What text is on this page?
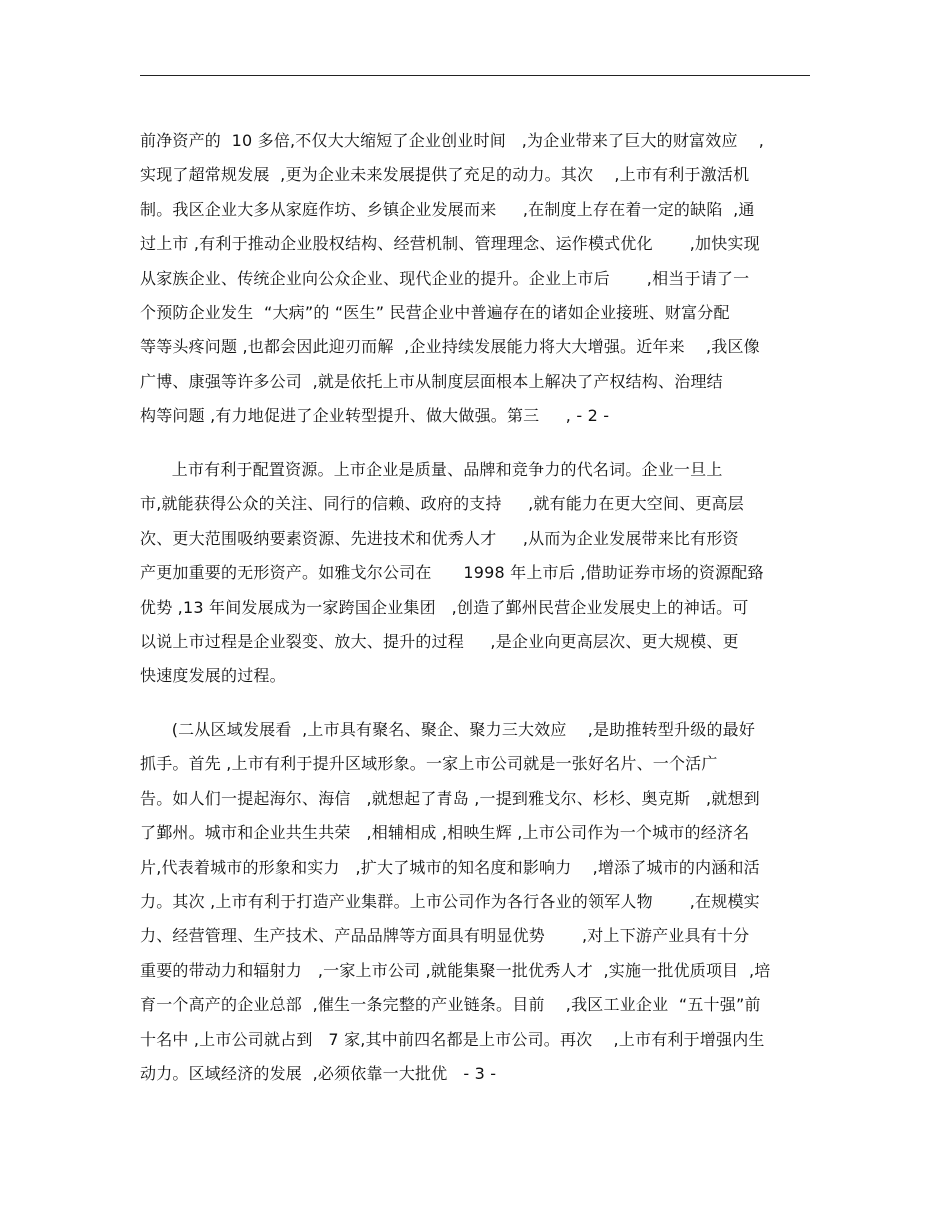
前净资产的  10 多倍,不仅大大缩短了企业创业时间   ,为企业带来了巨大的财富效应    ,
实现了超常规发展  ,更为企业未来发展提供了充足的动力。其次    ,上市有利于激活机
制。我区企业大多从家庭作坊、乡镇企业发展而来     ,在制度上存在着一定的缺陷  ,通
过上市 ,有利于推动企业股权结构、经营机制、管理理念、运作模式优化       ,加快实现
从家族企业、传统企业向公众企业、现代企业的提升。企业上市后       ,相当于请了一
个预防企业发生  “大病”的 “医生” 民营企业中普遍存在的诸如企业接班、财富分配
等等头疼问题 ,也都会因此迎刃而解  ,企业持续发展能力将大大增强。近年来    ,我区像
广博、康强等许多公司  ,就是依托上市从制度层面根本上解决了产权结构、治理结
构等问题 ,有力地促进了企业转型提升、做大做强。第三     , - 2 -
上市有利于配置资源。上市企业是质量、品牌和竞争力的代名词。企业一旦上
市,就能获得公众的关注、同行的信赖、政府的支持     ,就有能力在更大空间、更高层
次、更大范围吸纳要素资源、先进技术和优秀人才     ,从而为企业发展带来比有形资
产更加重要的无形资产。如雅戈尔公司在      1998 年上市后 ,借助证券市场的资源配臵
优势 ,13 年间发展成为一家跨国企业集团   ,创造了鄞州民营企业发展史上的神话。可
以说上市过程是企业裂变、放大、提升的过程     ,是企业向更高层次、更大规模、更
快速度发展的过程。
(二从区域发展看  ,上市具有聚名、聚企、聚力三大效应    ,是助推转型升级的最好
抓手。首先 ,上市有利于提升区域形象。一家上市公司就是一张好名片、一个活广
告。如人们一提起海尔、海信   ,就想起了青岛 ,一提到雅戈尔、杉杉、奥克斯   ,就想到
了鄞州。城市和企业共生共荣   ,相辅相成 ,相映生辉 ,上市公司作为一个城市的经济名
片,代表着城市的形象和实力   ,扩大了城市的知名度和影响力    ,增添了城市的内涵和活
力。其次 ,上市有利于打造产业集群。上市公司作为各行各业的领军人物       ,在规模实
力、经营管理、生产技术、产品品牌等方面具有明显优势       ,对上下游产业具有十分
重要的带动力和辐射力   ,一家上市公司 ,就能集聚一批优秀人才  ,实施一批优质项目  ,培
育一个高产的企业总部  ,催生一条完整的产业链条。目前    ,我区工业企业  “五十强”前
十名中 ,上市公司就占到   7 家,其中前四名都是上市公司。再次    ,上市有利于增强内生
动力。区域经济的发展  ,必须依靠一大批优   - 3 -
